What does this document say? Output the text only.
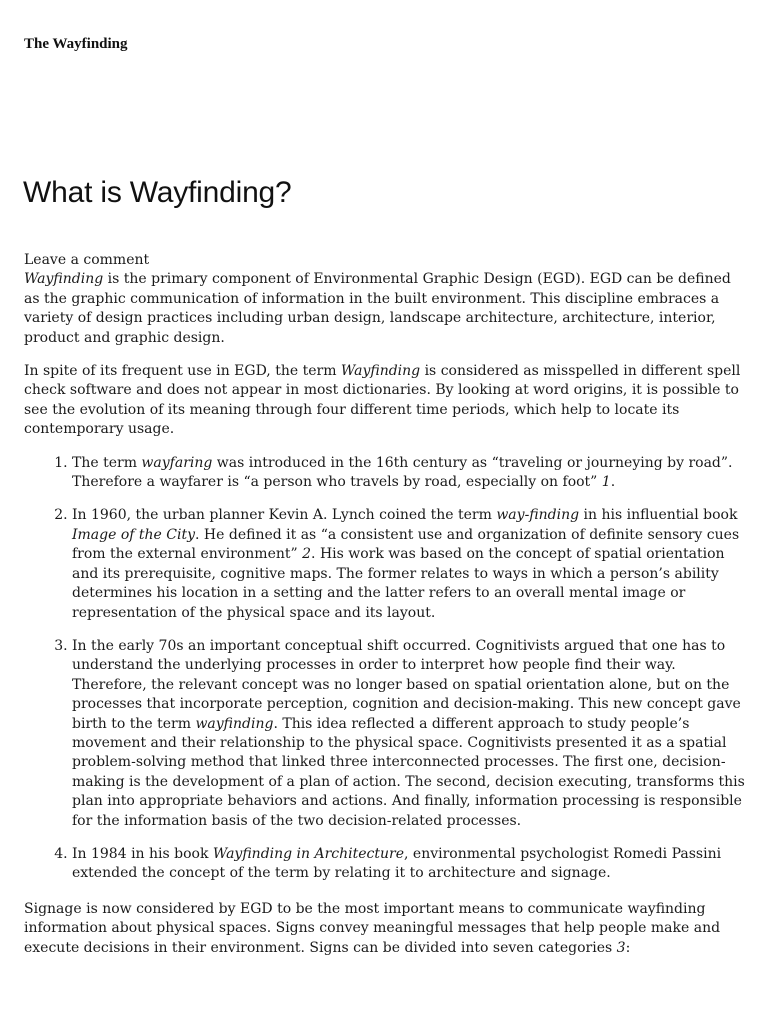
The Wayfinding
What is Wayfinding?
Leave a comment

Wayfinding is the primary component of Environmental Graphic Design (EGD). EGD can be defined as the graphic communication of information in the built environment. This discipline embraces a variety of design practices including urban design, landscape architecture, architecture, interior, product and graphic design.

In spite of its frequent use in EGD, the term Wayfinding is considered as misspelled in different spell check software and does not appear in most dictionaries. By looking at word origins, it is possible to see the evolution of its meaning through four different time periods, which help to locate its contemporary usage.

1. The term wayfaring was introduced in the 16th century as “traveling or journeying by road”. Therefore a wayfarer is “a person who travels by road, especially on foot” 1.
2. In 1960, the urban planner Kevin A. Lynch coined the term way-finding in his influential book Image of the City. He defined it as “a consistent use and organization of definite sensory cues from the external environment” 2. His work was based on the concept of spatial orientation and its prerequisite, cognitive maps. The former relates to ways in which a person’s ability determines his location in a setting and the latter refers to an overall mental image or representation of the physical space and its layout.
3. In the early 70s an important conceptual shift occurred. Cognitivists argued that one has to understand the underlying processes in order to interpret how people find their way. Therefore, the relevant concept was no longer based on spatial orientation alone, but on the processes that incorporate perception, cognition and decision-making. This new concept gave birth to the term wayfinding. This idea reflected a different approach to study people’s movement and their relationship to the physical space. Cognitivists presented it as a spatial problem-solving method that linked three interconnected processes. The first one, decision-making is the development of a plan of action. The second, decision executing, transforms this plan into appropriate behaviors and actions. And finally, information processing is responsible for the information basis of the two decision-related processes.
4. In 1984 in his book Wayfinding in Architecture, environmental psychologist Romedi Passini extended the concept of the term by relating it to architecture and signage.

Signage is now considered by EGD to be the most important means to communicate wayfinding information about physical spaces. Signs convey meaningful messages that help people make and execute decisions in their environment. Signs can be divided into seven categories 3:
